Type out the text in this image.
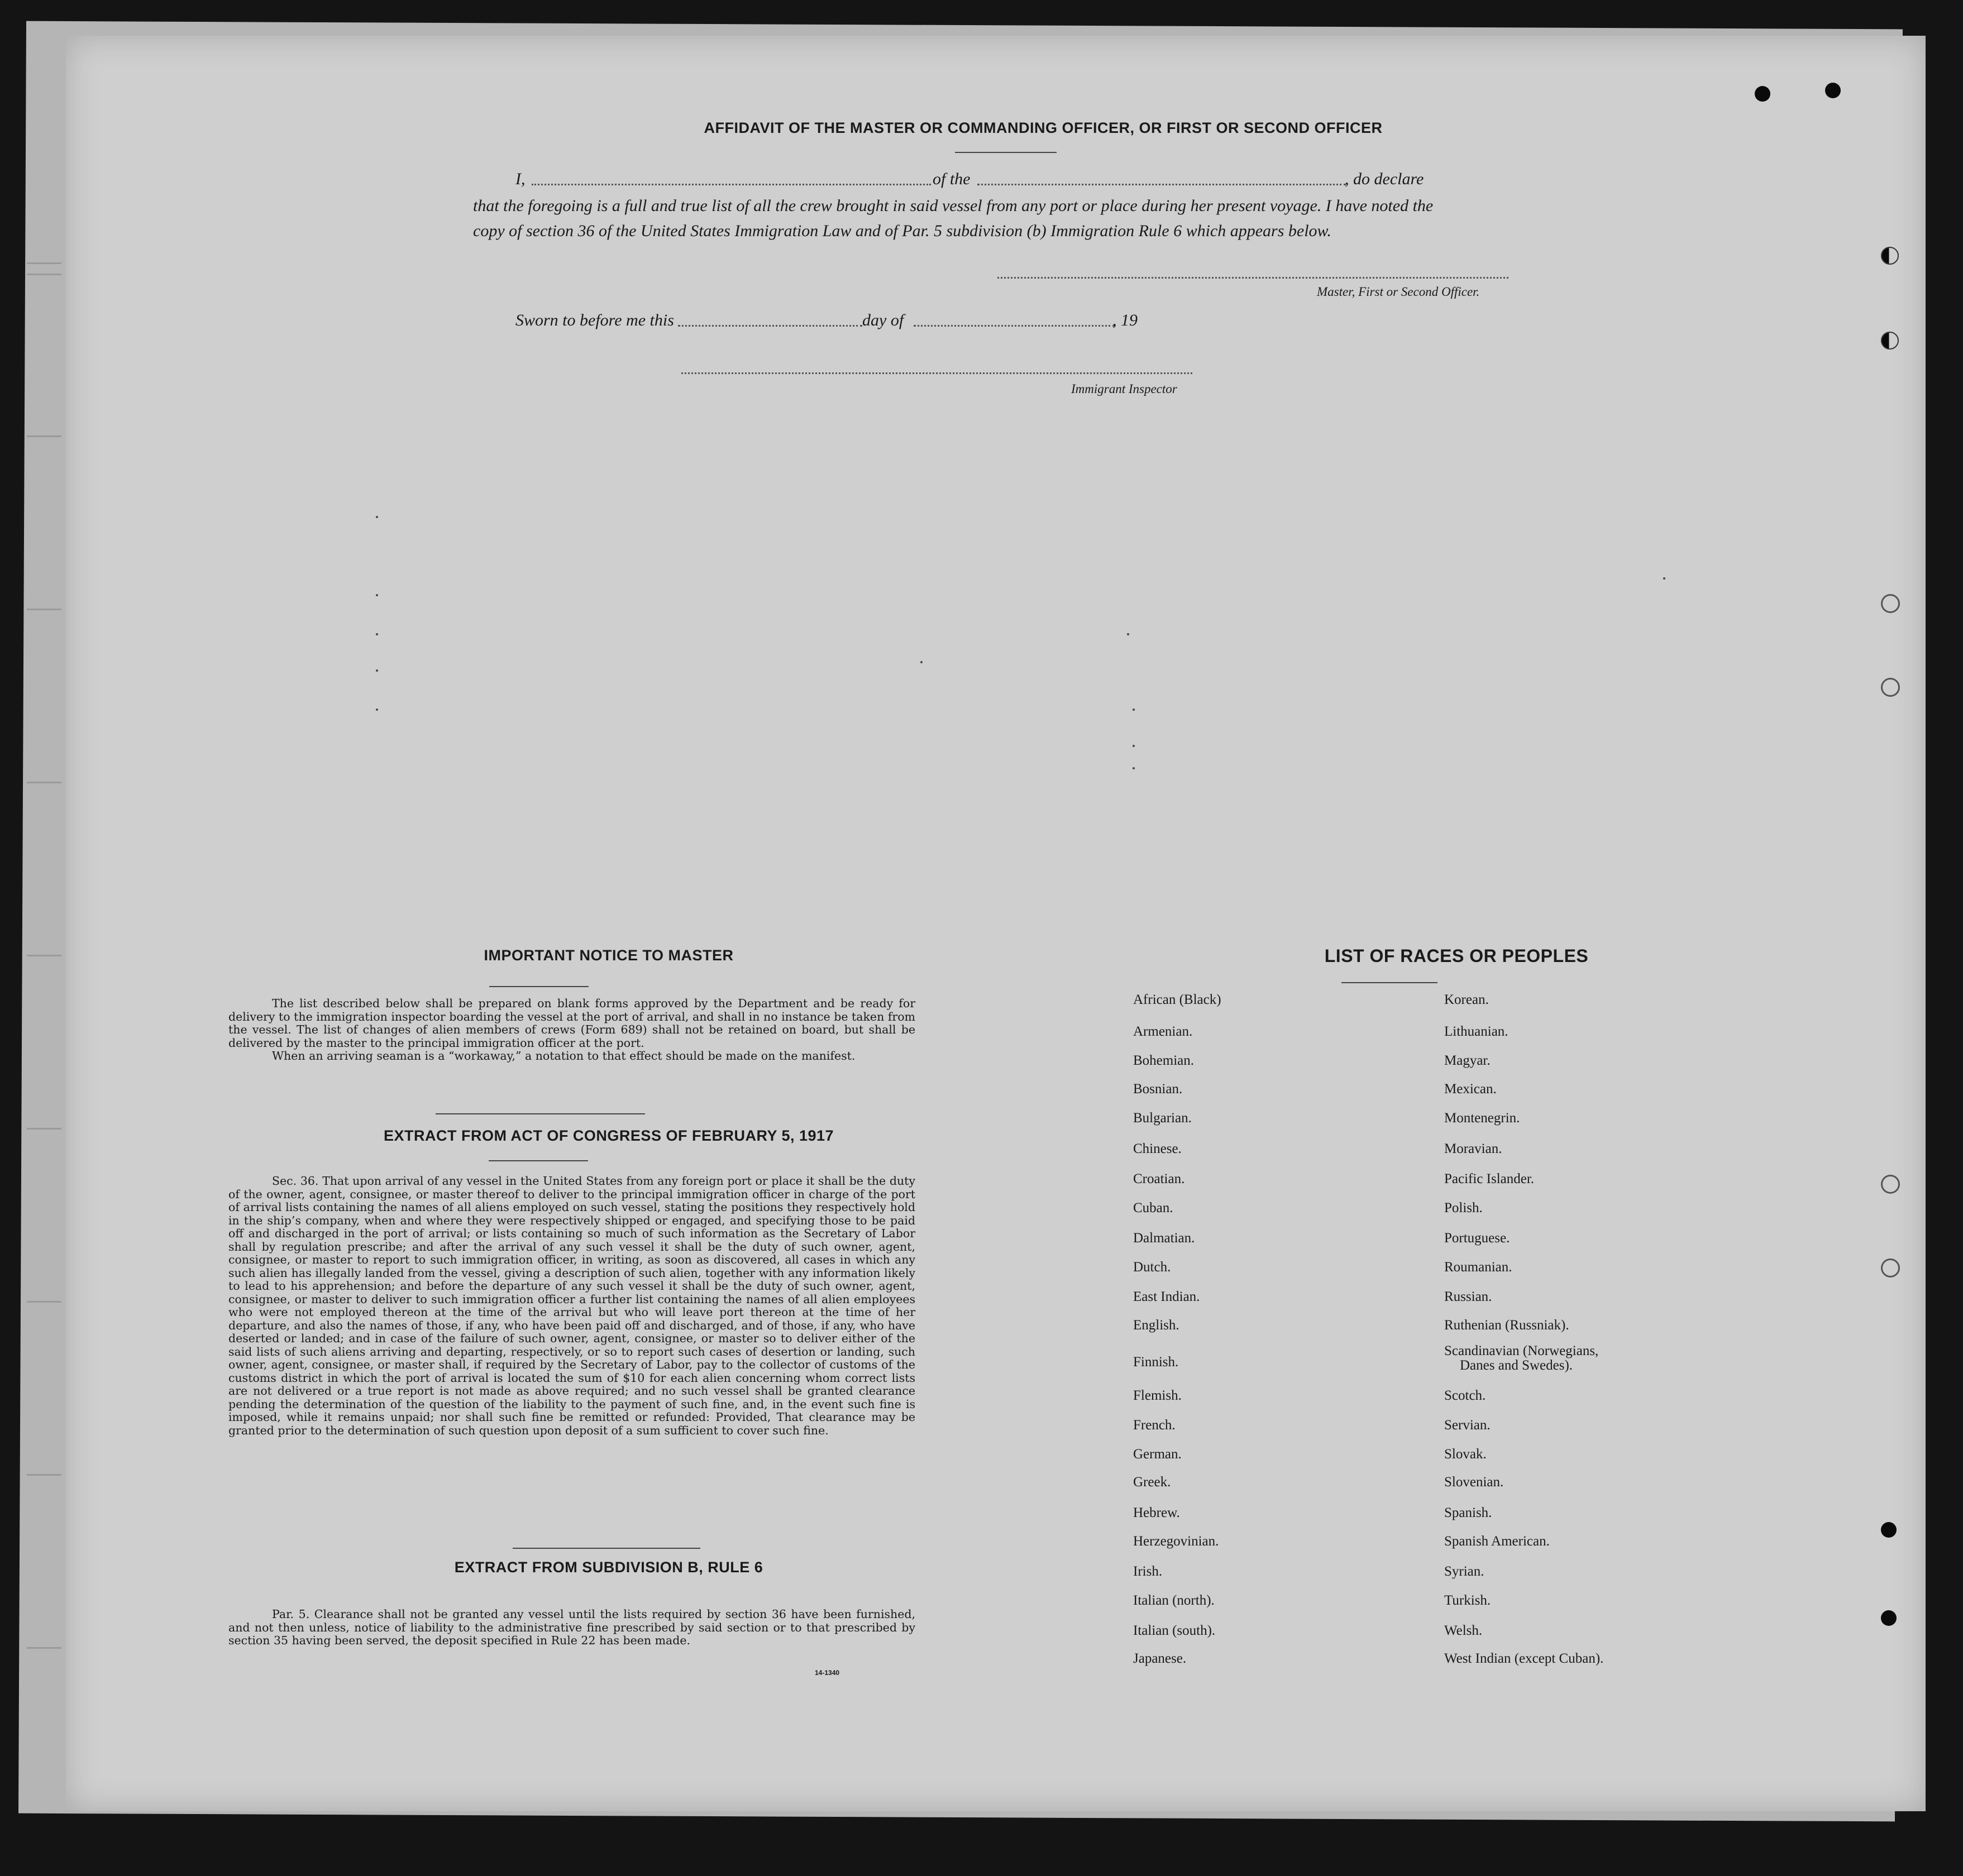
AFFIDAVIT OF THE MASTER OR COMMANDING OFFICER, OR FIRST OR SECOND OFFICER
I,	of the	, do declare
that the foregoing is a full and true list of all the crew brought in said vessel from any port or place during her present voyage. I have noted the
copy of section 36 of the United States Immigration Law and of Par. 5 subdivision (b) Immigration Rule 6 which appears below.
Master, First or Second Officer.
Sworn to before me this	day of	, 19
Immigrant Inspector
IMPORTANT NOTICE TO MASTER

The list described below shall be prepared on blank forms approved by the Department and be ready for delivery to the immigration inspector boarding the vessel at the port of arrival, and shall in no instance be taken from the vessel. The list of changes of alien members of crews (Form 689) shall not be retained on board, but shall be delivered by the master to the principal immigration officer at the port.

When an arriving seaman is a “workaway,” a notation to that effect should be made on the manifest.

EXTRACT FROM ACT OF CONGRESS OF FEBRUARY 5, 1917

Sec. 36. That upon arrival of any vessel in the United States from any foreign port or place it shall be the duty of the owner, agent, consignee, or master thereof to deliver to the principal immigration officer in charge of the port of arrival lists containing the names of all aliens employed on such vessel, stating the positions they respectively hold in the ship’s company, when and where they were respectively shipped or engaged, and specifying those to be paid off and discharged in the port of arrival; or lists containing so much of such information as the Secretary of Labor shall by regulation prescribe; and after the arrival of any such vessel it shall be the duty of such owner, agent, consignee, or master to report to such immigration officer, in writing, as soon as discovered, all cases in which any such alien has illegally landed from the vessel, giving a description of such alien, together with any information likely to lead to his apprehension; and before the departure of any such vessel it shall be the duty of such owner, agent, consignee, or master to deliver to such immigration officer a further list containing the names of all alien employees who were not employed thereon at the time of the arrival but who will leave port thereon at the time of her departure, and also the names of those, if any, who have been paid off and discharged, and of those, if any, who have deserted or landed; and in case of the failure of such owner, agent, consignee, or master so to deliver either of the said lists of such aliens arriving and departing, respectively, or so to report such cases of desertion or landing, such owner, agent, consignee, or master shall, if required by the Secretary of Labor, pay to the collector of customs of the customs district in which the port of arrival is located the sum of $10 for each alien concerning whom correct lists are not delivered or a true report is not made as above required; and no such vessel shall be granted clearance pending the determination of the question of the liability to the payment of such fine, and, in the event such fine is imposed, while it remains unpaid; nor shall such fine be remitted or refunded: Provided, That clearance may be granted prior to the determination of such question upon deposit of a sum sufficient to cover such fine.

EXTRACT FROM SUBDIVISION B, RULE 6

Par. 5. Clearance shall not be granted any vessel until the lists required by section 36 have been furnished, and not then unless, notice of liability to the administrative fine prescribed by said section or to that prescribed by section 35 having been served, the deposit specified in Rule 22 has been made.

14-1340
LIST OF RACES OR PEOPLES
African (Black)
Armenian.
Bohemian.
Bosnian.
Bulgarian.
Chinese.
Croatian.
Cuban.
Dalmatian.
Dutch.
East Indian.
English.
Finnish.
Flemish.
French.
German.
Greek.
Hebrew.
Herzegovinian.
Irish.
Italian (north).
Italian (south).
Japanese.
Korean.
Lithuanian.
Magyar.
Mexican.
Montenegrin.
Moravian.
Pacific Islander.
Polish.
Portuguese.
Roumanian.
Russian.
Ruthenian (Russniak).
Scandinavian (Norwegians,
Danes and Swedes).
Scotch.
Servian.
Slovak.
Slovenian.
Spanish.
Spanish American.
Syrian.
Turkish.
Welsh.
West Indian (except Cuban).
